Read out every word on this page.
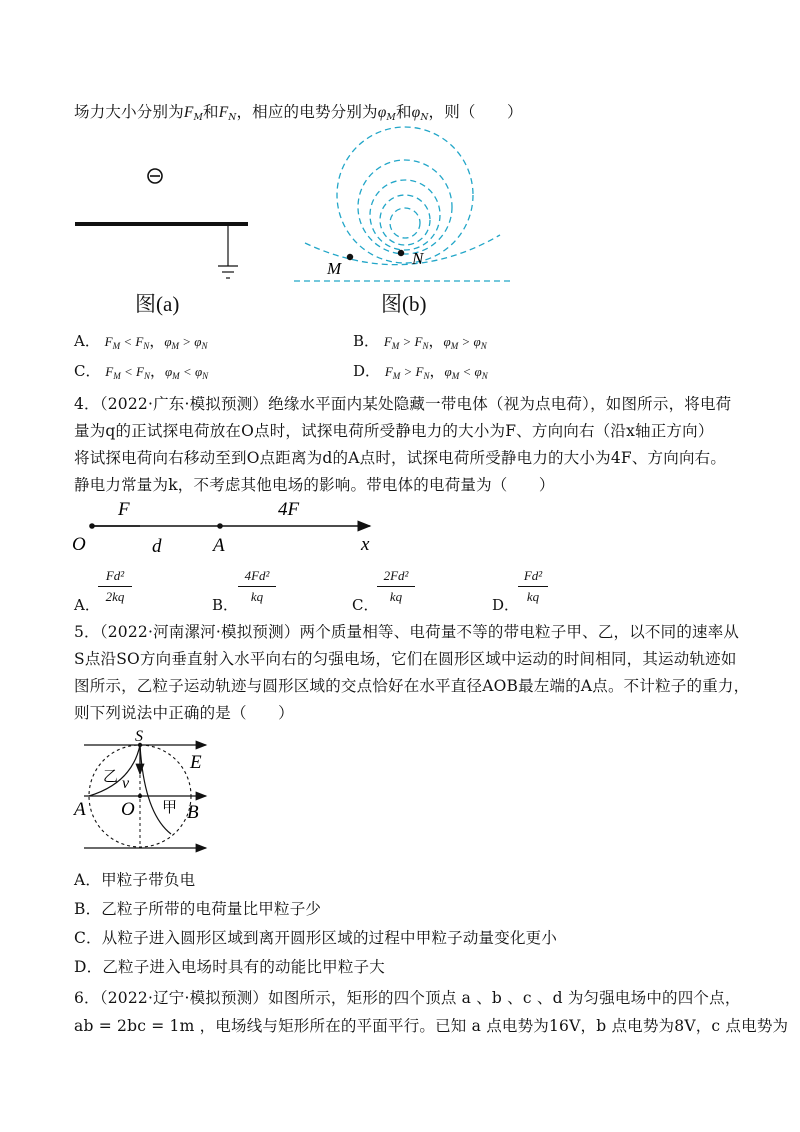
场力大小分别为$F_M$和$F_N$，相应的电势分别为$\varphi_M$和$\varphi_N$，则（　　）
图(a)
M
N
图(b)
A． $F_M < F_N$，$\varphi_M > \varphi_N$	B． $F_M > F_N$，$\varphi_M > \varphi_N$
C． $F_M < F_N$，$\varphi_M < \varphi_N$	D． $F_M > F_N$，$\varphi_M < \varphi_N$
4．（2022·广东·模拟预测）绝缘水平面内某处隐藏一带电体（视为点电荷），如图所示，将电荷
量为q的正试探电荷放在O点时，试探电荷所受静电力的大小为F、方向向右（沿x轴正方向）
将试探电荷向右移动至到O点距离为d的A点时，试探电荷所受静电力的大小为4F、方向向右。
静电力常量为k，不考虑其他电场的影响。带电体的电荷量为（　　）
O
F
d	A
4F
x
A．
Fd²
2kq	B．
4Fd²
kq	C．
2Fd²
kq	D．
Fd²
kq
5．（2022·河南漯河·模拟预测）两个质量相等、电荷量不等的带电粒子甲、乙，以不同的速率从
S点沿SO方向垂直射入水平向右的匀强电场，它们在圆形区域中运动的时间相同，其运动轨迹如
图所示，乙粒子运动轨迹与圆形区域的交点恰好在水平直径AOB最左端的A点。不计粒子的重力，
则下列说法中正确的是（　　）
S
E
乙 v
O
A	甲 B
A．甲粒子带负电
B．乙粒子所带的电荷量比甲粒子少
C．从粒子进入圆形区域到离开圆形区域的过程中甲粒子动量变化更小
D．乙粒子进入电场时具有的动能比甲粒子大
6．（2022·辽宁·模拟预测）如图所示，矩形的四个顶点 a 、b 、c 、d 为匀强电场中的四个点，
ab = 2bc = 1m ，电场线与矩形所在的平面平行。已知 a 点电势为16V，b 点电势为8V，c 点电势为
